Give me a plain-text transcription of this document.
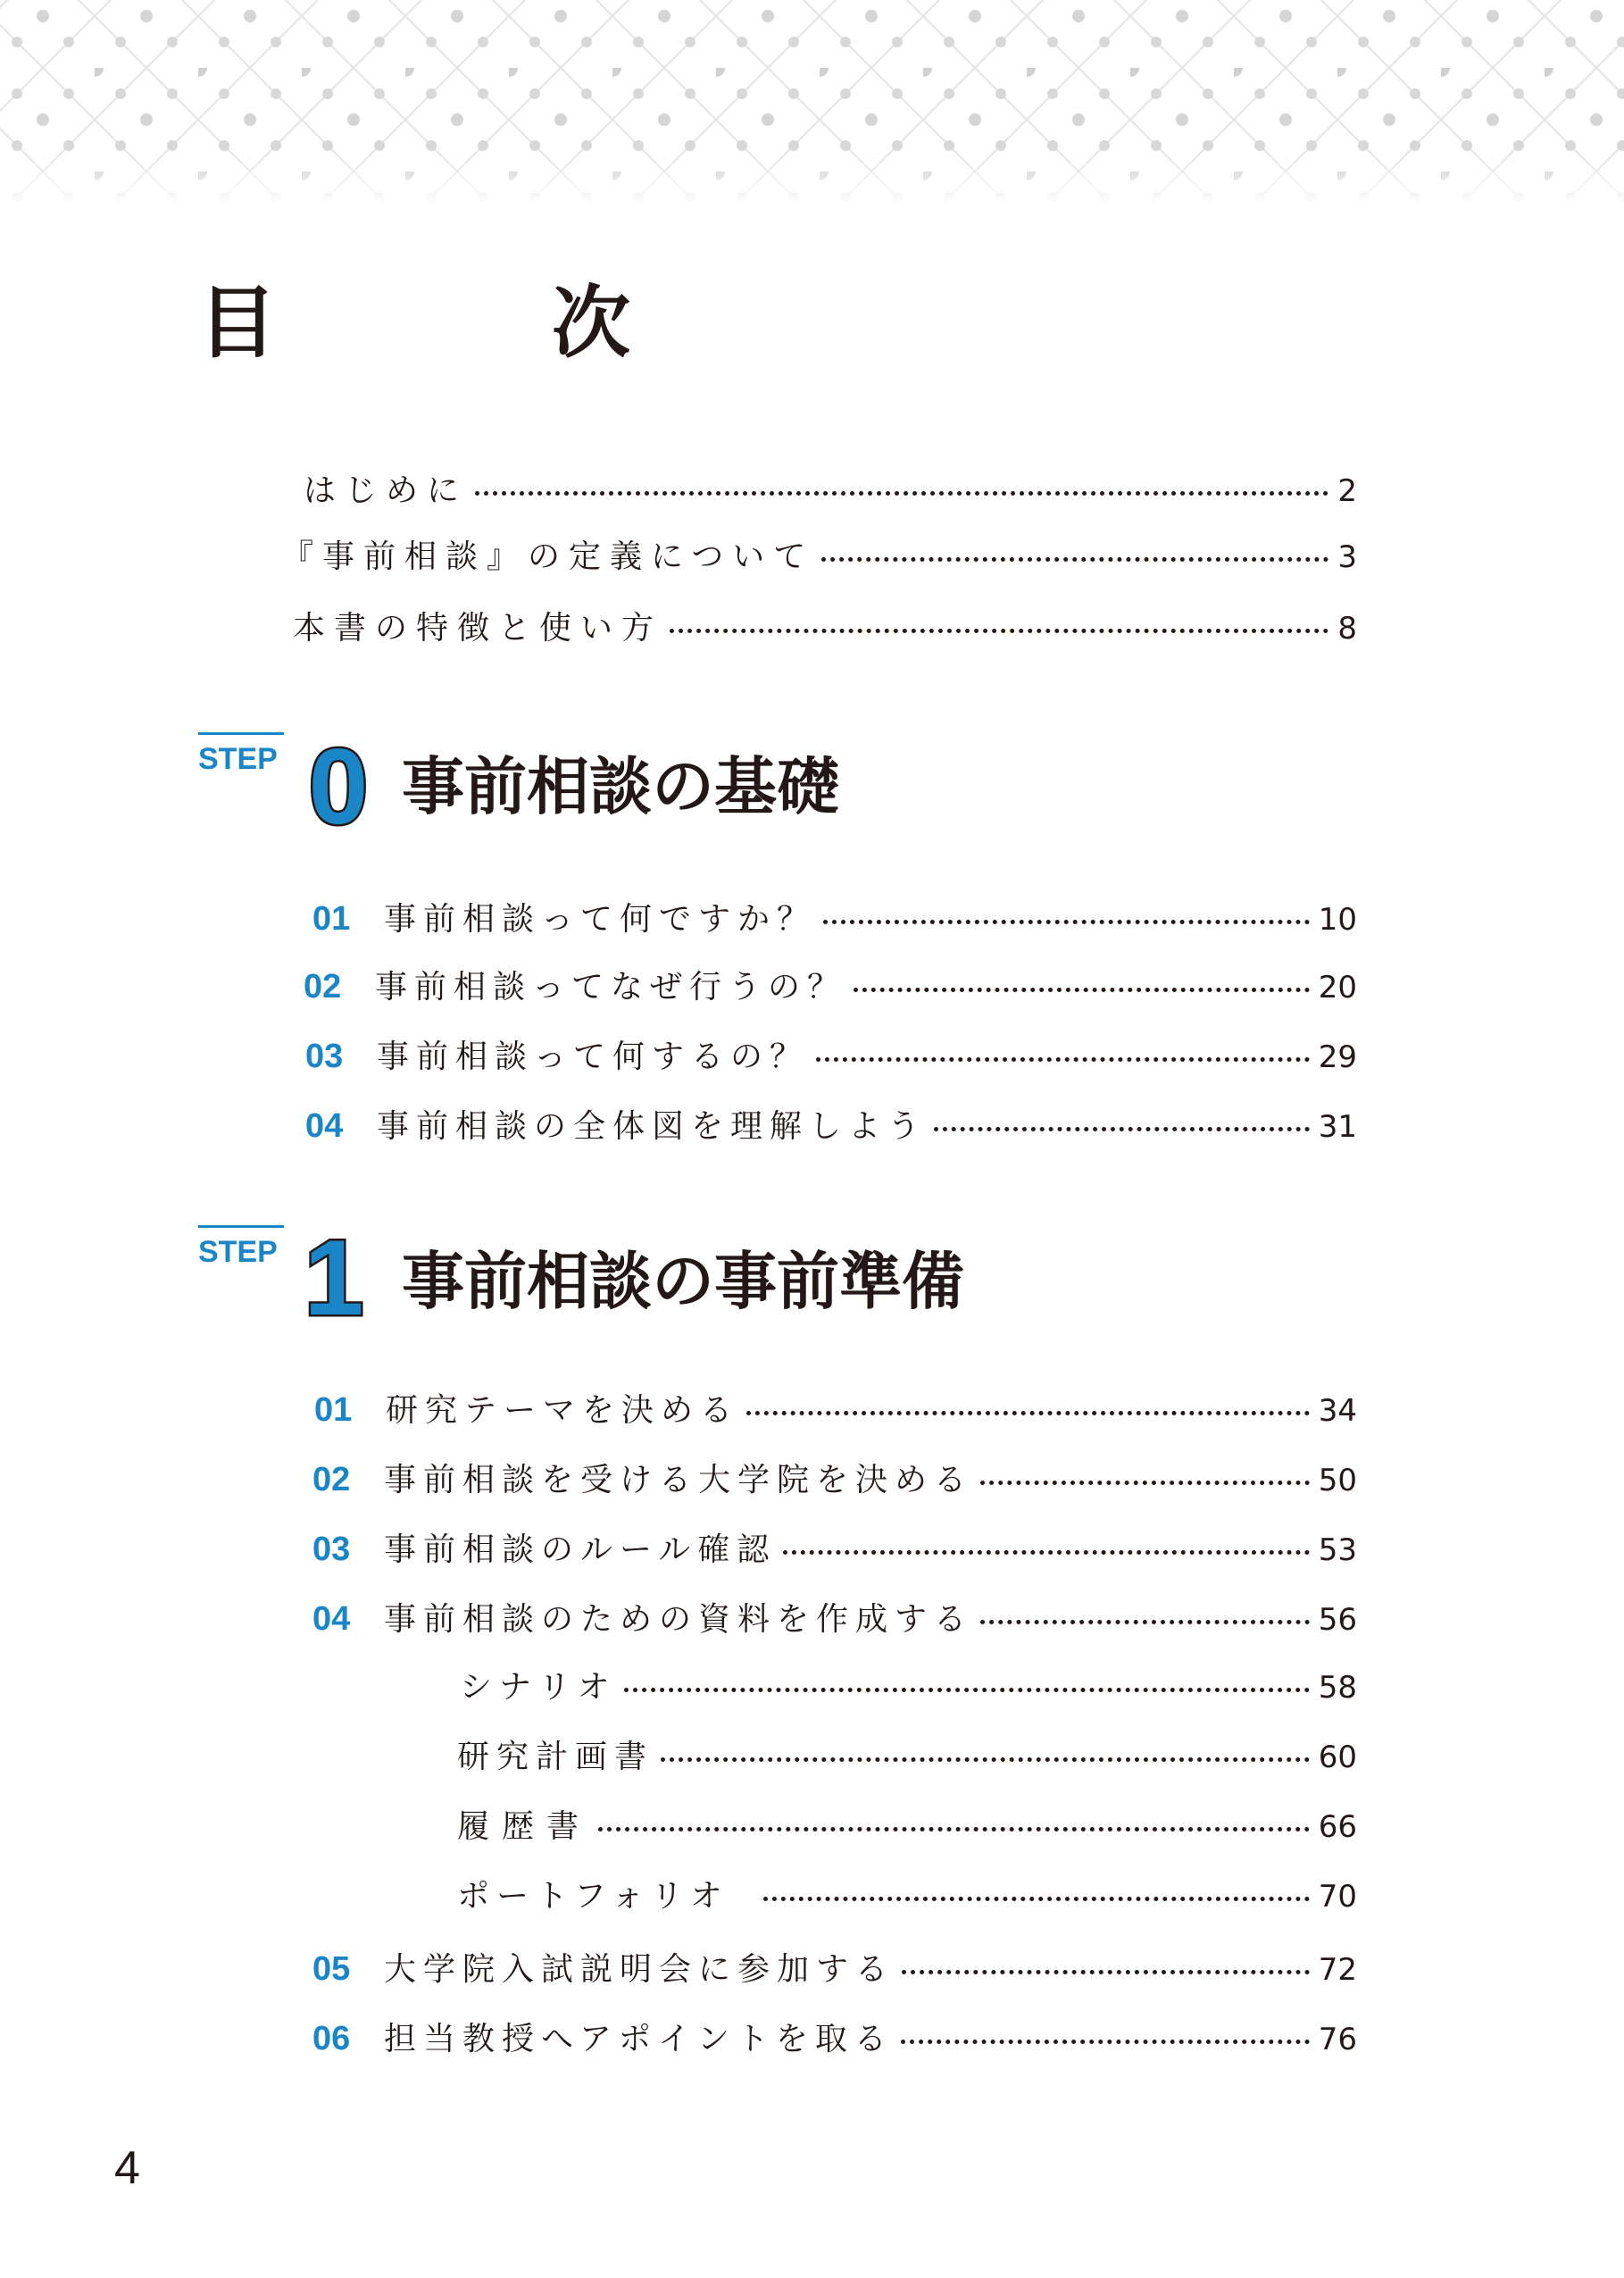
目　次
はじめに	2
『事前相談』の定義について	3
本書の特徴と使い方	8
STEP 0 事前相談の基礎
01	事前相談って何ですか？	10
02	事前相談ってなぜ行うの？	20
03	事前相談って何するの？	29
04	事前相談の全体図を理解しよう	31
STEP 1 事前相談の事前準備
01	研究テーマを決める	34
02	事前相談を受ける大学院を決める	50
03	事前相談のルール確認	53
04	事前相談のための資料を作成する	56
シナリオ	58
研究計画書	60
履歴書	66
ポートフォリオ	70
05	大学院入試説明会に参加する	72
06	担当教授へアポイントを取る	76
4
